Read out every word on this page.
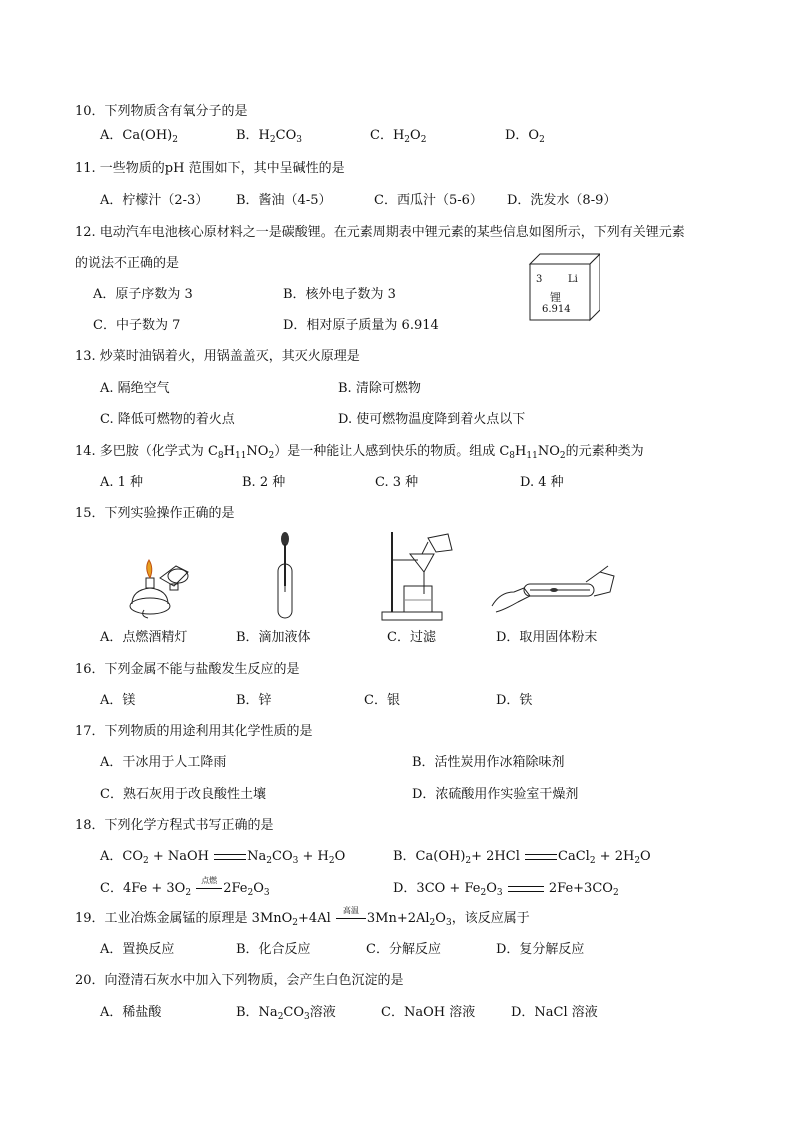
10．下列物质含有氧分子的是
A．$Ca(OH)_2$	B．$H_2CO_3$	C．$H_2O_2$	D．$O_2$
11. 一些物质的pH 范围如下，其中呈碱性的是
A．柠檬汁（2-3） B．酱油（4-5）	C．西瓜汁（5-6） D．洗发水（8-9）
12. 电动汽车电池核心原材料之一是碳酸锂。在元素周期表中锂元素的某些信息如图所示，下列有关锂元素
的说法不正确的是
A．原子序数为 3	B．核外电子数为 3
C．中子数为 7	D．相对原子质量为 6.914
3	Li
锂
6.914
13. 炒菜时油锅着火，用锅盖盖灭，其灭火原理是
A. 隔绝空气	B. 清除可燃物
C. 降低可燃物的着火点	D. 使可燃物温度降到着火点以下
14. 多巴胺（化学式为 $C_8H_{11}NO_2$）是一种能让人感到快乐的物质。组成 $C_8H_{11}NO_2$的元素种类为
A. 1 种	B. 2 种	C. 3 种	D. 4 种
15．下列实验操作正确的是
A．点燃酒精灯	B．滴加液体	C．过滤	D．取用固体粉末
16．下列金属不能与盐酸发生反应的是
A．镁	B．锌	C．银	D．铁
17．下列物质的用途利用其化学性质的是
A．干冰用于人工降雨	B．活性炭用作冰箱除味剂
C．熟石灰用于改良酸性土壤	D．浓硫酸用作实验室干燥剂
18．下列化学方程式书写正确的是
A．$CO_2$ + NaOH	$Na_2CO_3 + H_2O$	B．$Ca(OH)_2+ 2HCl$	CaCl$_2$ + $2H_2O$
C．$4Fe + 3O_2$
点燃
$2Fe_2O_3$	D．$3CO + Fe_2O_3$	$2Fe+3CO_2$
19．工业冶炼金属锰的原理是 3MnO$_2$+4Al
高温
$3Mn+2Al_2O_3$，该反应属于
A．置换反应	B．化合反应	C．分解反应	D．复分解反应
20．向澄清石灰水中加入下列物质，会产生白色沉淀的是
A．稀盐酸	B．$Na_2CO_3$溶液	C．NaOH 溶液	D．NaCl 溶液
